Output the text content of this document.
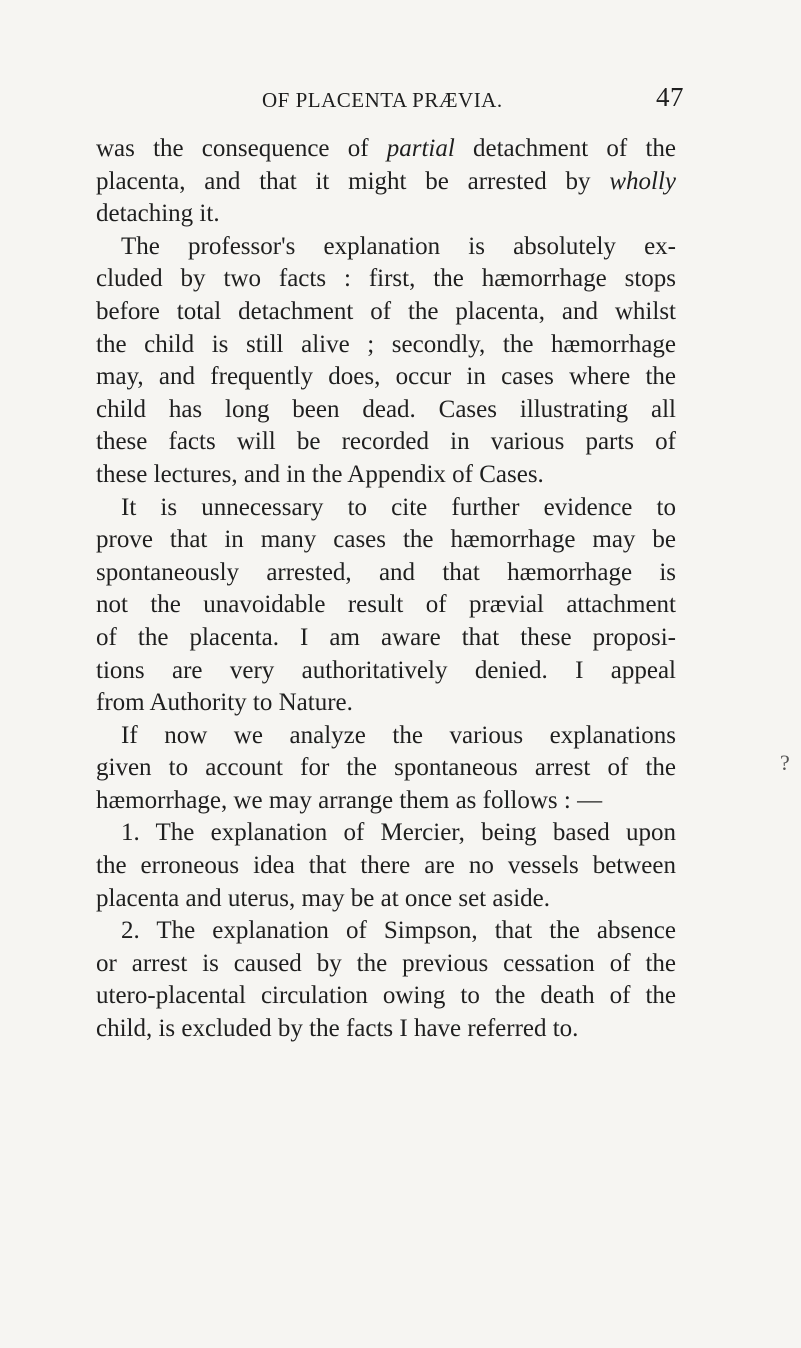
OF PLACENTA PRÆVIA.	47
was the consequence of partial detachment of the
placenta, and that it might be arrested by wholly
detaching it.
The professor's explanation is absolutely ex-
cluded by two facts : first, the hæmorrhage stops
before total detachment of the placenta, and whilst
the child is still alive ; secondly, the hæmorrhage
may, and frequently does, occur in cases where the
child has long been dead. Cases illustrating all
these facts will be recorded in various parts of
these lectures, and in the Appendix of Cases.
It is unnecessary to cite further evidence to
prove that in many cases the hæmorrhage may be
spontaneously arrested, and that hæmorrhage is
not the unavoidable result of prævial attachment
of the placenta. I am aware that these proposi-
tions are very authoritatively denied. I appeal
from Authority to Nature.
If now we analyze the various explanations
given to account for the spontaneous arrest of the
hæmorrhage, we may arrange them as follows : —
1. The explanation of Mercier, being based upon
the erroneous idea that there are no vessels between
placenta and uterus, may be at once set aside.
2. The explanation of Simpson, that the absence
or arrest is caused by the previous cessation of the
utero-placental circulation owing to the death of the
child, is excluded by the facts I have referred to.
?
